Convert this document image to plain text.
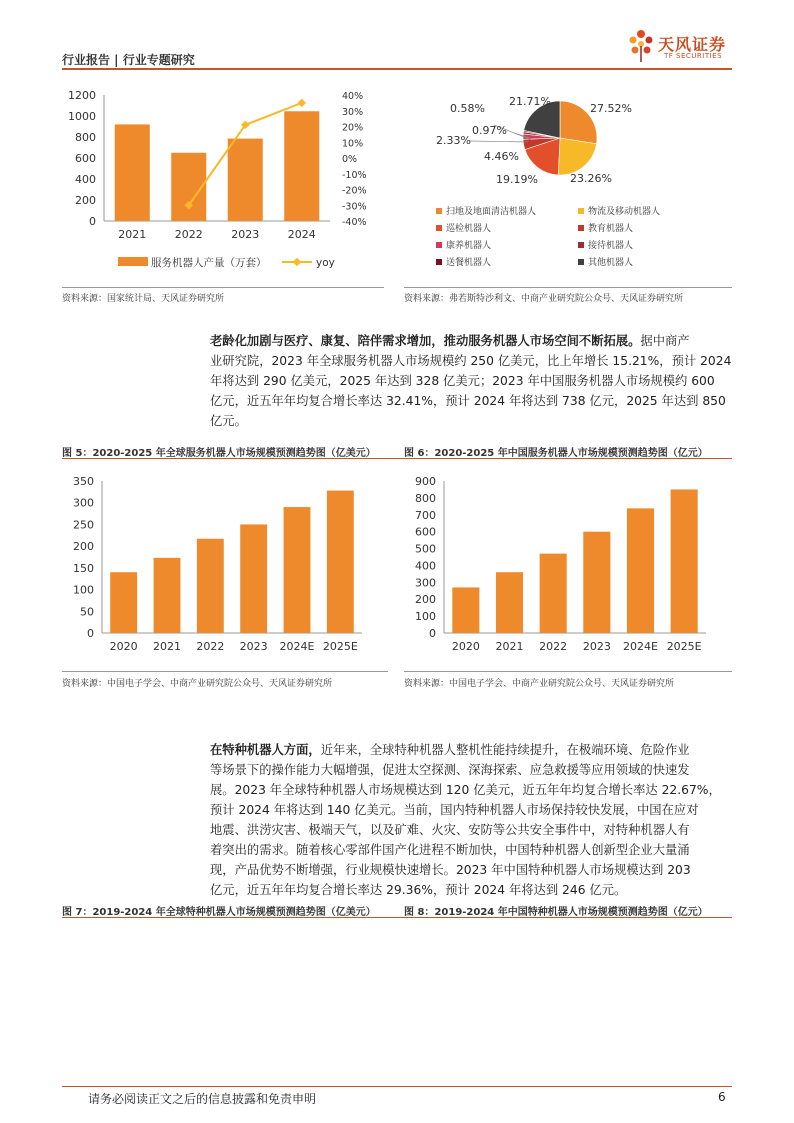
行业报告 | 行业专题研究
天风证券
TF SECURITIES
0
200
400
600
800
1000
1200
2021	2022	2023	2024
40%
30%
20%
10%
0%
-10%
-20%
-30%
-40%
服务机器人产量（万套）	yoy
资料来源：国家统计局、天风证券研究所
27.52%
23.26%
19.19%
4.46%
2.33%
0.97%
0.58%
21.71%
扫地及地面清洁机器人	物流及移动机器人
巡检机器人	教育机器人
康养机器人	接待机器人
送餐机器人	其他机器人
资料来源：弗若斯特沙利文、中商产业研究院公众号、天风证券研究所
老龄化加剧与医疗、康复、陪伴需求增加，推动服务机器人市场空间不断拓展。据中商产
业研究院，2023 年全球服务机器人市场规模约 250 亿美元，比上年增长 15.21%，预计 2024
年将达到 290 亿美元，2025 年达到 328 亿美元；2023 年中国服务机器人市场规模约 600
亿元，近五年年均复合增长率达 32.41%，预计 2024 年将达到 738 亿元，2025 年达到 850
亿元。
图 5：2020-2025 年全球服务机器人市场规模预测趋势图（亿美元）	图 6：2020-2025 年中国服务机器人市场规模预测趋势图（亿元）
0
50
100
150
200
250
300
350
2020 2021 2022 2023 2024E 2025E
0
100
200
300
400
500
600
700
800
900
2020 2021 2022 2023 2024E 2025E
资料来源：中国电子学会、中商产业研究院公众号、天风证券研究所	资料来源：中国电子学会、中商产业研究院公众号、天风证券研究所
在特种机器人方面，近年来，全球特种机器人整机性能持续提升，在极端环境、危险作业
等场景下的操作能力大幅增强，促进太空探测、深海探索、应急救援等应用领域的快速发
展。2023 年全球特种机器人市场规模达到 120 亿美元，近五年年均复合增长率达 22.67%，
预计 2024 年将达到 140 亿美元。当前，国内特种机器人市场保持较快发展，中国在应对
地震、洪涝灾害、极端天气，以及矿难、火灾、安防等公共安全事件中，对特种机器人有
着突出的需求。随着核心零部件国产化进程不断加快，中国特种机器人创新型企业大量涌
现，产品优势不断增强，行业规模快速增长。2023 年中国特种机器人市场规模达到 203
亿元，近五年年均复合增长率达 29.36%，预计 2024 年将达到 246 亿元。
图 7：2019-2024 年全球特种机器人市场规模预测趋势图（亿美元）	图 8：2019-2024 年中国特种机器人市场规模预测趋势图（亿元）
请务必阅读正文之后的信息披露和免责申明	6
